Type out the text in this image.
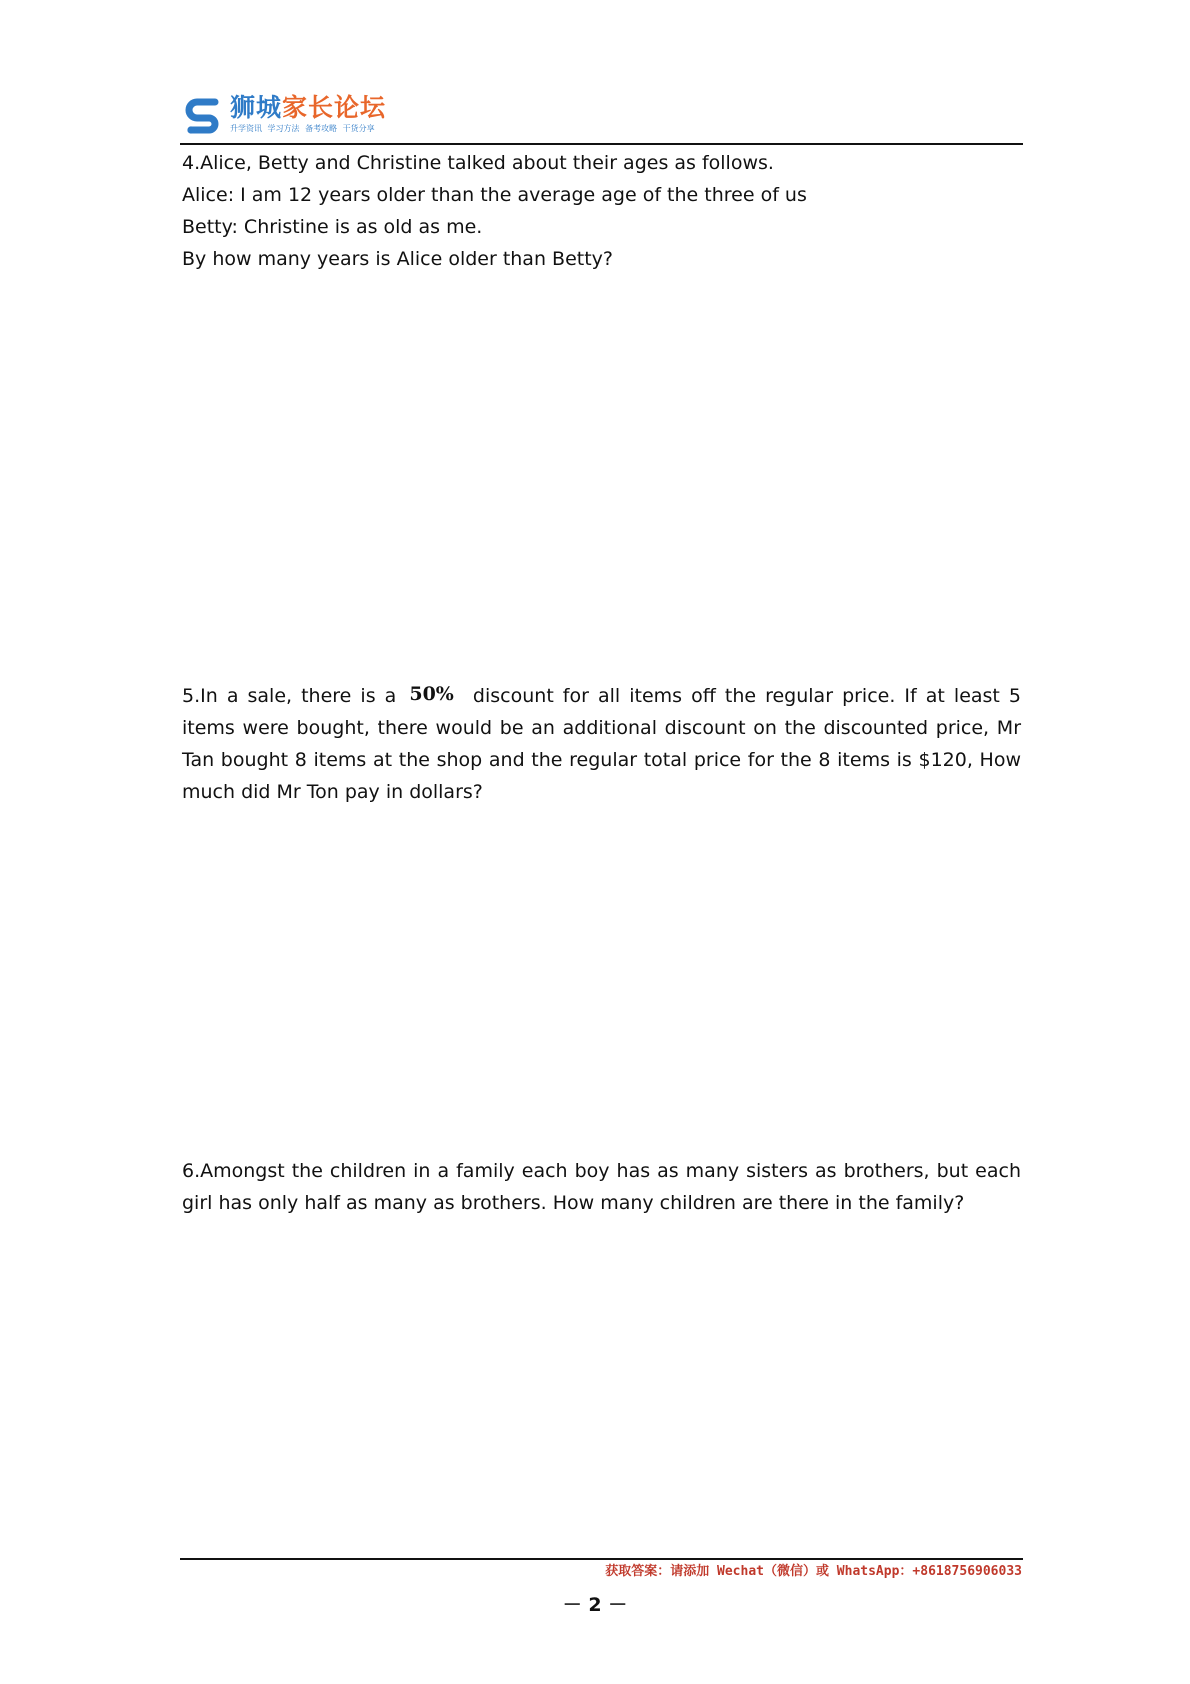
狮城家长论坛
升学资讯 学习方法 备考攻略 干货分享

4.Alice, Betty and Christine talked about their ages as follows.

Alice: I am 12 years older than the average age of the three of us

Betty: Christine is as old as me.

By how many years is Alice older than Betty?

5.In a sale, there is a 50% discount for all items off the regular price. If at least 5 items were bought, there would be an additional discount on the discounted price, Mr Tan bought 8 items at the shop and the regular total price for the 8 items is $120, How much did Mr Ton pay in dollars?

6.Amongst the children in a family each boy has as many sisters as brothers, but each girl has only half as many as brothers. How many children are there in the family?

获取答案：请添加 Wechat（微信）或 WhatsApp：+8618756906033
－ 2 －
